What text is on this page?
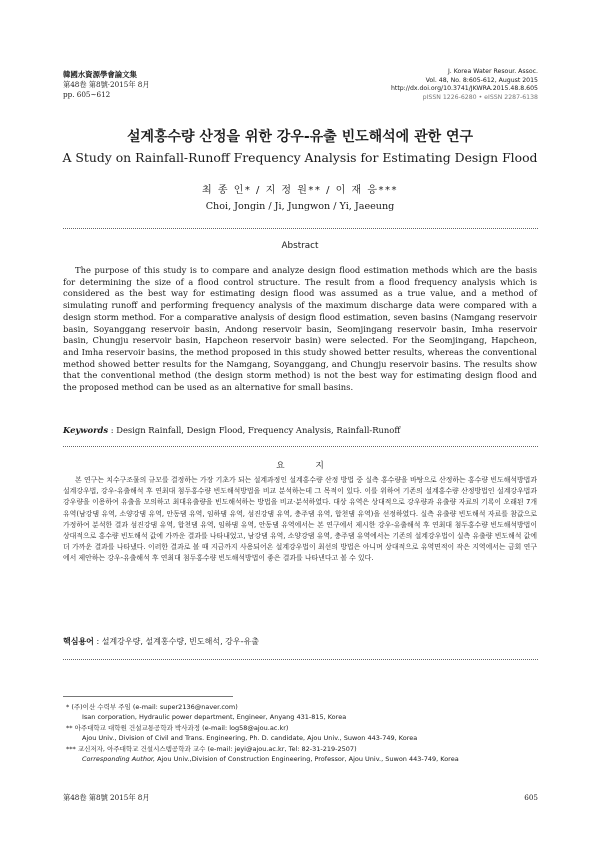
韓國水資源學會論文集
第48卷 第8號·2015年 8月
pp. 605~612
J. Korea Water Resour. Assoc.
Vol. 48, No. 8:605-612, August 2015
http://dx.doi.org/10.3741/JKWRA.2015.48.8.605
pISSN 1226-6280 • eISSN 2287-6138
설계홍수량 산정을 위한 강우-유출 빈도해석에 관한 연구
A Study on Rainfall-Runoff Frequency Analysis for Estimating Design Flood
최 종 인* / 지 정 원** / 이 재 응***
Choi, Jongin / Ji, Jungwon / Yi, Jaeeung
Abstract

The purpose of this study is to compare and analyze design flood estimation methods which are the basis for determining the size of a flood control structure. The result from a flood frequency analysis which is considered as the best way for estimating design flood was assumed as a true value, and a method of simulating runoff and performing frequency analysis of the maximum discharge data were compared with a design storm method. For a comparative analysis of design flood estimation, seven basins (Namgang reservoir basin, Soyanggang reservoir basin, Andong reservoir basin, Seomjingang reservoir basin, Imha reservoir basin, Chungju reservoir basin, Hapcheon reservoir basin) were selected. For the Seomjingang, Hapcheon, and Imha reservoir basins, the method proposed in this study showed better results, whereas the conventional method showed better results for the Namgang, Soyanggang, and Chungju reservoir basins. The results show that the conventional method (the design storm method) is not the best way for estimating design flood and the proposed method can be used as an alternative for small basins.

Keywords : Design Rainfall, Design Flood, Frequency Analysis, Rainfall-Runoff
요 지

본 연구는 치수구조물의 규모를 결정하는 가장 기초가 되는 설계과정인 설계홍수량 산정 방법 중 실측 홍수량을 바탕으로 산정하는 홍수량 빈도해석방법과 설계강우법, 강우-유출해석 후 연최대 첨두홍수량 빈도해석방법을 비교 분석하는데 그 목적이 있다. 이를 위하여 기존의 설계홍수량 산정방법인 설계강우법과 강우량을 이용하여 유출을 모의하고 최대유출량을 빈도해석하는 방법을 비교·분석하였다. 대상 유역은 상대적으로 강우량과 유출량 자료의 기록이 오래된 7개 유역(남강댐 유역, 소양강댐 유역, 안동댐 유역, 임하댐 유역, 섬진강댐 유역, 충주댐 유역, 합천댐 유역)을 선정하였다. 실측 유출량 빈도해석 자료를 참값으로 가정하여 분석한 결과 섬진강댐 유역, 합천댐 유역, 임하댐 유역, 안동댐 유역에서는 본 연구에서 제시한 강우-유출해석 후 연최대 첨두홍수량 빈도해석방법이 상대적으로 홍수량 빈도해석 값에 가까운 결과를 나타내었고, 남강댐 유역, 소양강댐 유역, 충주댐 유역에서는 기존의 설계강우법이 실측 유출량 빈도해석 값에 더 가까운 결과를 나타냈다. 이러한 결과로 볼 때 지금까지 사용되어온 설계강우법이 최선의 방법은 아니며 상대적으로 유역면적이 작은 지역에서는 금회 연구에서 제안하는 강우-유출해석 후 연최대 첨두홍수량 빈도해석방법이 좋은 결과를 나타낸다고 볼 수 있다.

핵심용어 : 설계강우량, 설계홍수량, 빈도해석, 강우-유출
* (주)이산 수력부 주임 (e-mail: super2136@naver.com)
Isan corporation, Hydraulic power department, Engineer, Anyang 431-815, Korea
** 아주대학교 대학원 건설교통공학과 박사과정 (e-mail: log58@ajou.ac.kr)
Ajou Univ., Division of Civil and Trans. Engineering, Ph. D. candidate, Ajou Univ., Suwon 443-749, Korea
*** 교신저자, 아주대학교 건설시스템공학과 교수 (e-mail: jeyi@ajou.ac.kr, Tel: 82-31-219-2507)
Corresponding Author, Ajou Univ.,Division of Construction Engineering, Professor, Ajou Univ., Suwon 443-749, Korea
第48卷 第8號 2015年 8月	605
